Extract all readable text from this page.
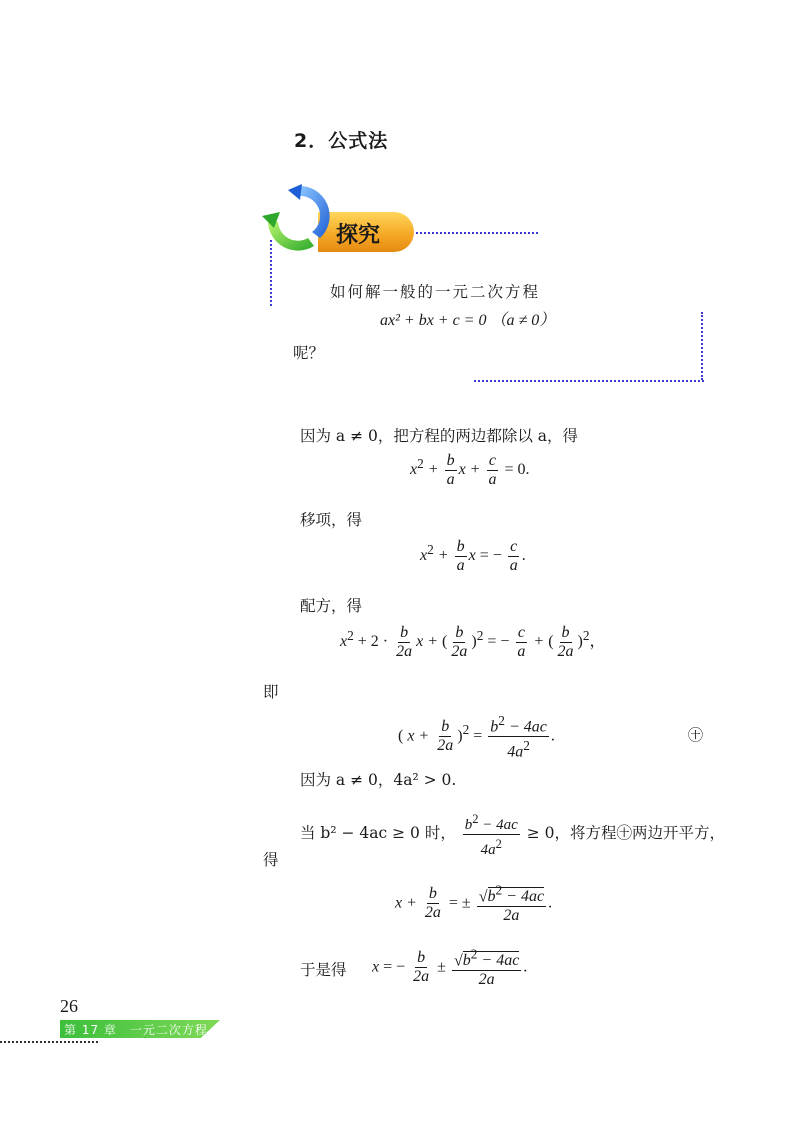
2．公式法
探究
如何解一般的一元二次方程
ax² + bx + c = 0 （a ≠ 0）
呢？
因为 a ≠ 0，把方程的两边都除以 a，得
$x^2 + \frac{b}{a}$ $x + \frac{c}{a} = 0$.
移项，得
$x^2 + \frac{b}{a}$ x = − $\frac{c}{a}$ .
配方，得
$x^2 + 2 \cdot \frac{b}{2a}$ x + ( $\frac{b}{2a} )^2$ = − $\frac{c}{a}$ + ( $\frac{b}{2a} )^2$，
即
( $x + \frac{b}{2a} )^2 = \frac{b^2 - 4ac}{4a^2}$ .	㊉
因为 a ≠ 0，4a² > 0.
当 b² − 4ac ≥ 0 时， $\frac{b^2 - 4ac}{4a^2} \ge 0$，将方程㊉两边开平方，
得
$x + \frac{b}{2a}$ = ± $\frac{√b^2 - 4ac}{2a}$ .
于是得 x = − $\frac{b}{2a} \pm \frac{√b^2 - 4ac}{2a}$ .
26
第 17 章　一元二次方程
